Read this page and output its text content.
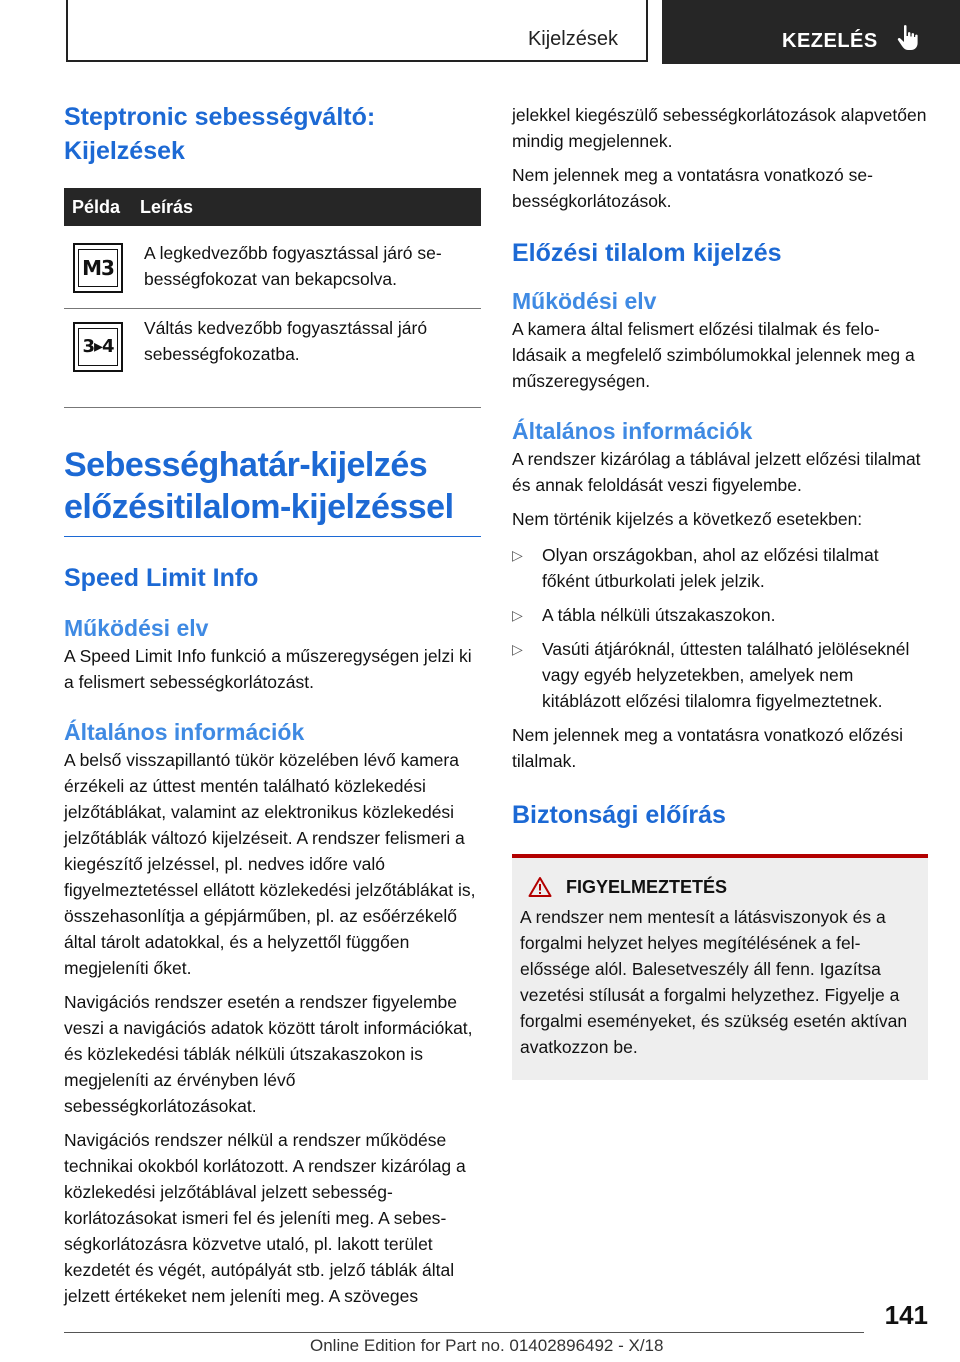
Kijelzések	KEZELÉS
Steptronic sebességváltó: Kijelzések
Példa	Leírás

M3	A legkedvezőbb fogyasztással járó sebességfokozat van bekapcsolva.

3▸4	Váltás kedvezőbb fogyasztással járó sebességfokozatba.
Sebességhatár-kijelzés előzésitilalom-kijelzéssel
Speed Limit Info
Működési elv

A Speed Limit Info funkció a műszeregységen jelzi ki a felismert sebességkorlátozást.

Általános információk

A belső visszapillantó tükör közelében lévő kamera érzékeli az úttest mentén található közlekedési jelzőtáblákat, valamint az elektronikus közlekedési jelzőtáblák változó kijelzéseit. A rendszer felismeri a kiegészítő jelzéssel, pl. nedves időre való figyelmeztetéssel ellátott közlekedési jelzőtáblákat is, összehasonlítja a gépjárműben, pl. az esőérzékelő által tárolt adatokkal, és a helyzettől függően megjeleníti őket.

Navigációs rendszer esetén a rendszer figyelembe veszi a navigációs adatok között tárolt információkat, és közlekedési táblák nélküli útszakaszokon is megjeleníti az érvényben lévő sebességkorlátozásokat.

Navigációs rendszer nélkül a rendszer működése technikai okokból korlátozott. A rendszer kizárólag a közlekedési jelzőtáblával jelzett sebességkorlátozásokat ismeri fel és jeleníti meg. A sebességkorlátozásra közvetve utaló, pl. lakott terület kezdetét és végét, autópályát stb. jelző táblák által jelzett értékeket nem jeleníti meg. A szöveges

jelekkel kiegészülő sebességkorlátozások alapvetően mindig megjelennek.

Nem jelennek meg a vontatásra vonatkozó sebességkorlátozások.

Előzési tilalom kijelzés
Működési elv

A kamera által felismert előzési tilalmak és feloldásaik a megfelelő szimbólumokkal jelennek meg a műszeregységen.

Általános információk

A rendszer kizárólag a táblával jelzett előzési tilalmat és annak feloldását veszi figyelembe.

Nem történik kijelzés a következő esetekben:

▷ Olyan országokban, ahol az előzési tilalmat főként útburkolati jelek jelzik.
▷ A tábla nélküli útszakaszokon.
▷ Vasúti átjáróknál, úttesten található jelöléseknél vagy egyéb helyzetekben, amelyek nem kitáblázott előzési tilalomra figyelmeztetnek.

Nem jelennek meg a vontatásra vonatkozó előzési tilalmak.

Biztonsági előírás
FIGYELMEZTETÉS

A rendszer nem mentesít a látásviszonyok és a forgalmi helyzet helyes megítélésének a felelőssége alól. Balesetveszély áll fenn. Igazítsa vezetési stílusát a forgalmi helyzethez. Figyelje a forgalmi eseményeket, és szükség esetén aktívan avatkozzon be.

141
Online Edition for Part no. 01402896492 - X/18
